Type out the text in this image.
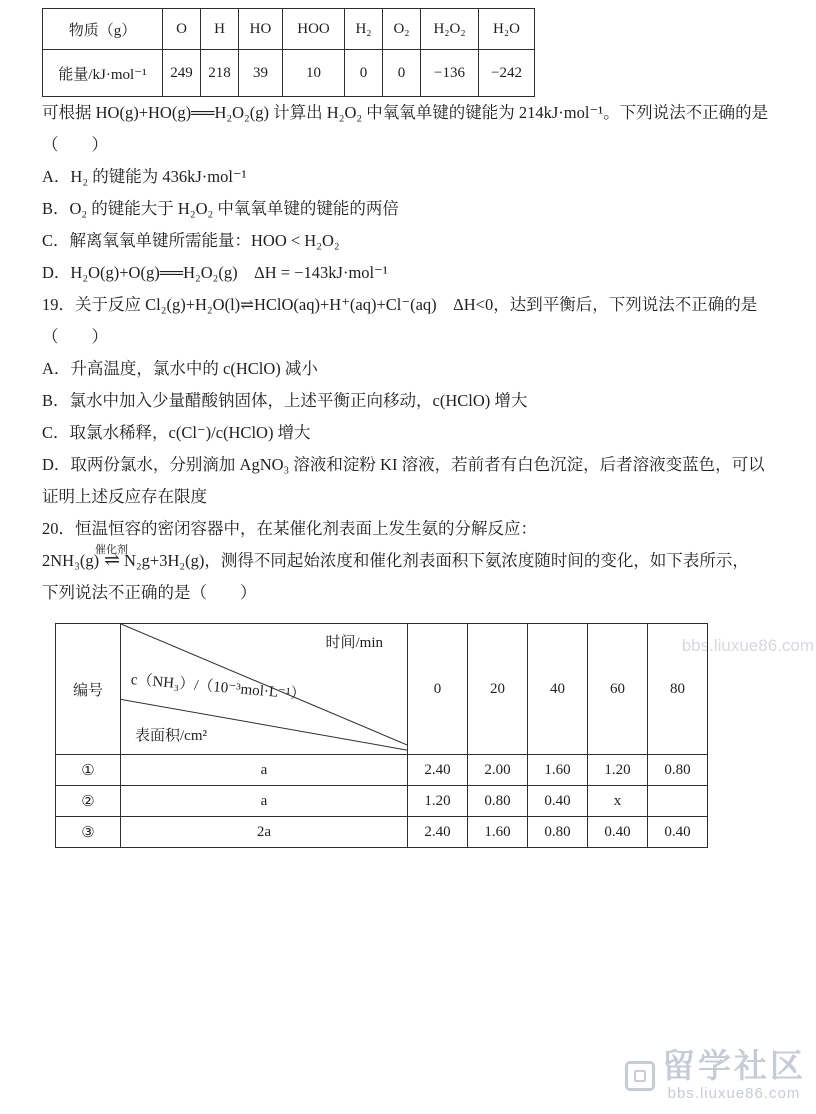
bbs.liuxue86.com
留学社区
bbs.liuxue86.com
物质（g）	O	H	HO	HOO	H₂	O₂	H₂O₂	H₂O
能量/kJ·mol⁻¹	249	218	39	10	0	0	−136	−242

可根据 HO(g)+HO(g)══H₂O₂(g) 计算出 H₂O₂ 中氧氧单键的键能为 214kJ·mol⁻¹。下列说法不正确的是

（　　）

A．H₂ 的键能为 436kJ·mol⁻¹

B．O₂ 的键能大于 H₂O₂ 中氧氧单键的键能的两倍

C．解离氧氧单键所需能量：HOO < H₂O₂

D．H₂O(g)+O(g)══H₂O₂(g)　ΔH = −143kJ·mol⁻¹

19．关于反应 Cl₂(g)+H₂O(l)⇌HClO(aq)+H⁺(aq)+Cl⁻(aq)　ΔH<0，达到平衡后，下列说法不正确的是（　　）

A．升高温度，氯水中的 c(HClO) 减小

B．氯水中加入少量醋酸钠固体，上述平衡正向移动，c(HClO) 增大

C．取氯水稀释，c(Cl⁻)/c(HClO) 增大

D．取两份氯水，分别滴加 AgNO₃ 溶液和淀粉 KI 溶液，若前者有白色沉淀，后者溶液变蓝色，可以证明上述反应存在限度

20．恒温恒容的密闭容器中，在某催化剂表面上发生氨的分解反应：

2NH₃(g)
催化剂
⇌ N₂g+3H₂(g)，测得不同起始浓度和催化剂表面积下氨浓度随时间的变化，如下表所示，

下列说法不正确的是（　　）

编号	时间/min
c（NH₃）/（10⁻³mol·L⁻¹）
表面积/cm²	0	20	40	60	80
①	a	2.40	2.00	1.60	1.20	0.80
②	a	1.20	0.80	0.40	x	
③	2a	2.40	1.60	0.80	0.40	0.40
